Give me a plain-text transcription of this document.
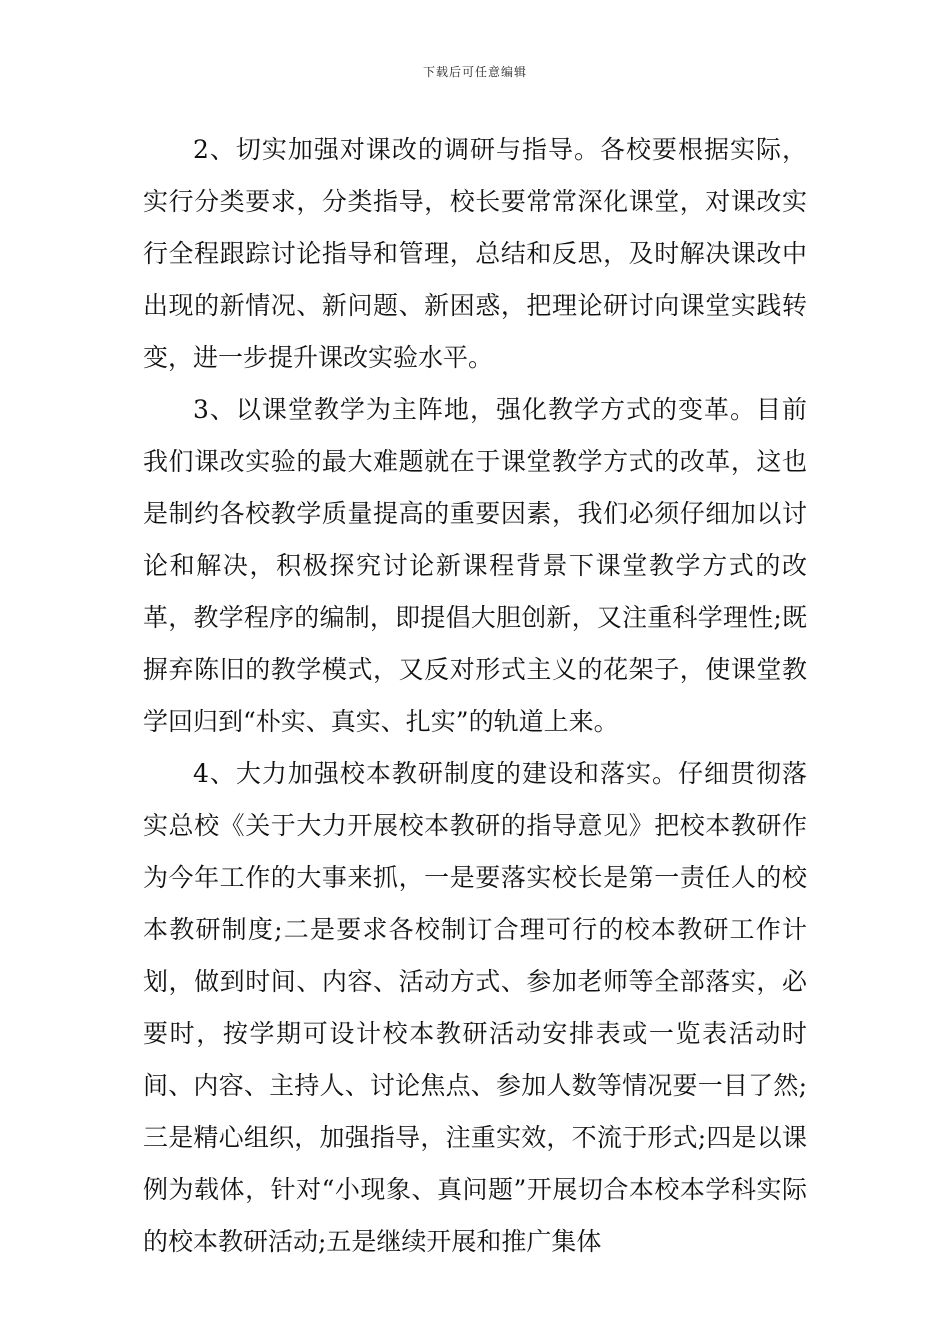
下载后可任意编辑

2、切实加强对课改的调研与指导。各校要根据实际，实行分类要求，分类指导，校长要常常深化课堂，对课改实行全程跟踪讨论指导和管理，总结和反思，及时解决课改中出现的新情况、新问题、新困惑，把理论研讨向课堂实践转变，进一步提升课改实验水平。

3、以课堂教学为主阵地，强化教学方式的变革。目前我们课改实验的最大难题就在于课堂教学方式的改革，这也是制约各校教学质量提高的重要因素，我们必须仔细加以讨论和解决，积极探究讨论新课程背景下课堂教学方式的改革，教学程序的编制，即提倡大胆创新，又注重科学理性;既摒弃陈旧的教学模式，又反对形式主义的花架子，使课堂教学回归到“朴实、真实、扎实”的轨道上来。

4、大力加强校本教研制度的建设和落实。仔细贯彻落实总校《关于大力开展校本教研的指导意见》把校本教研作为今年工作的大事来抓，一是要落实校长是第一责任人的校本教研制度;二是要求各校制订合理可行的校本教研工作计划，做到时间、内容、活动方式、参加老师等全部落实，必要时，按学期可设计校本教研活动安排表或一览表活动时间、内容、主持人、讨论焦点、参加人数等情况要一目了然;三是精心组织，加强指导，注重实效，不流于形式;四是以课例为载体，针对“小现象、真问题”开展切合本校本学科实际的校本教研活动;五是继续开展和推广集体
